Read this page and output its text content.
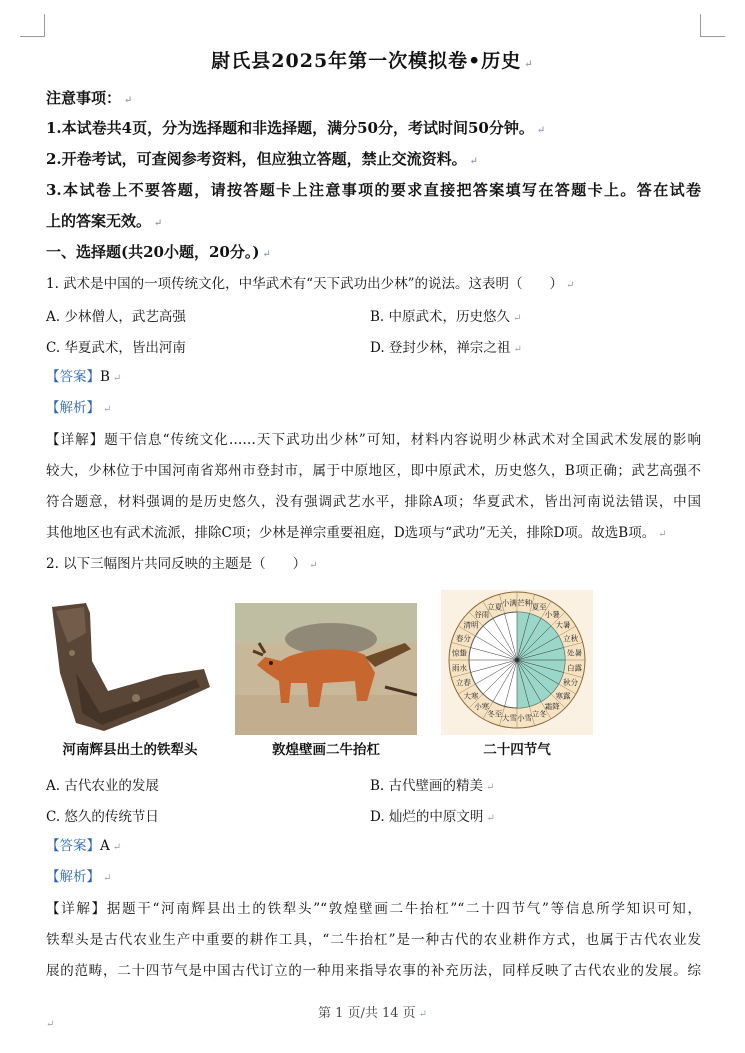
尉氏县2025年第一次模拟卷•历史 ↵
注意事项： ↵
1.本试卷共4页，分为选择题和非选择题，满分50分，考试时间50分钟。 ↵
2.开卷考试，可查阅参考资料，但应独立答题，禁止交流资料。 ↵
3.本试卷上不要答题，请按答题卡上注意事项的要求直接把答案填写在答题卡上。答在试卷
上的答案无效。 ↵
一、选择题(共20小题，20分。) ↵
1. 武术是中国的一项传统文化，中华武术有“天下武功出少林”的说法。这表明（　　） ↵
A. 少林僧人，武艺高强	B. 中原武术，历史悠久 ↵
C. 华夏武术，皆出河南	D. 登封少林，禅宗之祖 ↵
【答案】B ↵
【解析】 ↵
【详解】题干信息“传统文化……天下武功出少林”可知，材料内容说明少林武术对全国武术发展的影响
较大，少林位于中国河南省郑州市登封市，属于中原地区，即中原武术，历史悠久，B项正确；武艺高强不
符合题意，材料强调的是历史悠久，没有强调武艺水平，排除A项；华夏武术，皆出河南说法错误，中国
其他地区也有武术流派，排除C项；少林是禅宗重要祖庭，D选项与“武功”无关，排除D项。故选B项。 ↵
2. 以下三幅图片共同反映的主题是（　　） ↵
河南辉县出土的铁犁头	敦煌壁画二牛抬杠
芒种 夏至
小暑
大暑
立秋
处暑
白露
秋分
寒露
霜降
立冬
小雪
大雪
冬至
小寒
大寒
立春
雨水
惊蛰
春分
清明
谷雨
立夏 小满
二十四节气
A. 古代农业的发展	B. 古代壁画的精美 ↵
C. 悠久的传统节日	D. 灿烂的中原文明 ↵
【答案】A ↵
【解析】 ↵
【详解】据题干“河南辉县出土的铁犁头”“敦煌壁画二牛抬杠”“二十四节气”等信息所学知识可知，
铁犁头是古代农业生产中重要的耕作工具，“二牛抬杠”是一种古代的农业耕作方式，也属于古代农业发
展的范畴，二十四节气是中国古代订立的一种用来指导农事的补充历法，同样反映了古代农业的发展。综
第 1 页/共 14 页 ↵
↵
